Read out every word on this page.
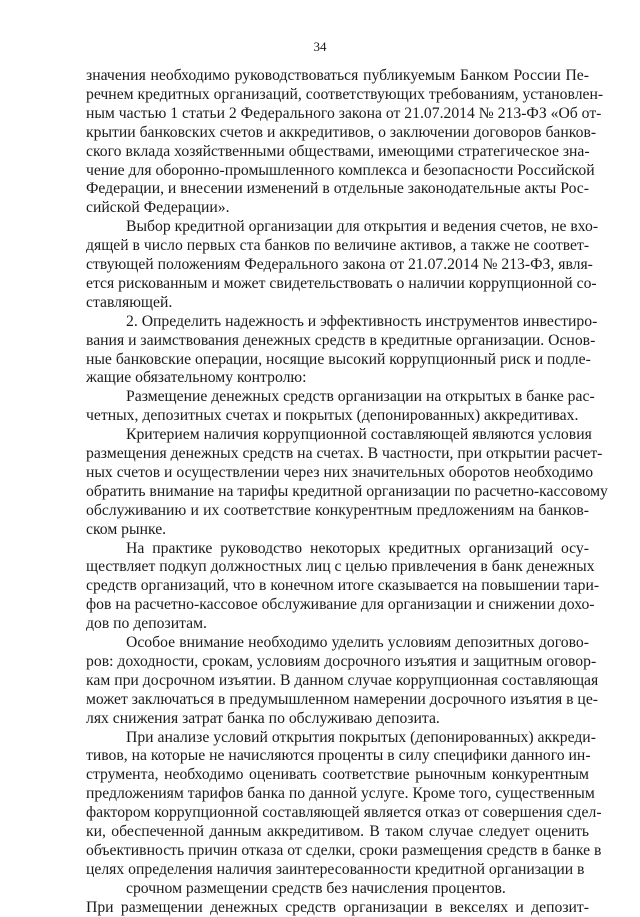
34
значения необходимо руководствоваться публикуемым Банком России Пе-
речнем кредитных организаций, соответствующих требованиям, установлен-
ным частью 1 статьи 2 Федерального закона от 21.07.2014 № 213-ФЗ «Об от-
крытии банковских счетов и аккредитивов, о заключении договоров банков-
ского вклада хозяйственными обществами, имеющими стратегическое зна-
чение для оборонно-промышленного комплекса и безопасности Российской
Федерации, и внесении изменений в отдельные законодательные акты Рос-
сийской Федерации».
Выбор кредитной организации для открытия и ведения счетов, не вхо-
дящей в число первых ста банков по величине активов, а также не соответ-
ствующей положениям Федерального закона от 21.07.2014 № 213-ФЗ, явля-
ется рискованным и может свидетельствовать о наличии коррупционной со-
ставляющей.
2. Определить надежность и эффективность инструментов инвестиро-
вания и заимствования денежных средств в кредитные организации. Основ-
ные банковские операции, носящие высокий коррупционный риск и подле-
жащие обязательному контролю:
Размещение денежных средств организации на открытых в банке рас-
четных, депозитных счетах и покрытых (депонированных) аккредитивах.
Критерием наличия коррупционной составляющей являются условия
размещения денежных средств на счетах. В частности, при открытии расчет-
ных счетов и осуществлении через них значительных оборотов необходимо
обратить внимание на тарифы кредитной организации по расчетно-кассовому
обслуживанию и их соответствие конкурентным предложениям на банков-
ском рынке.
На практике руководство некоторых кредитных организаций осу-
ществляет подкуп должностных лиц с целью привлечения в банк денежных
средств организаций, что в конечном итоге сказывается на повышении тари-
фов на расчетно-кассовое обслуживание для организации и снижении дохо-
дов по депозитам.
Особое внимание необходимо уделить условиям депозитных догово-
ров: доходности, срокам, условиям досрочного изъятия и защитным оговор-
кам при досрочном изъятии. В данном случае коррупционная составляющая
может заключаться в предумышленном намерении досрочного изъятия в це-
лях снижения затрат банка по обслуживаю депозита.
При анализе условий открытия покрытых (депонированных) аккреди-
тивов, на которые не начисляются проценты в силу специфики данного ин-
струмента, необходимо оценивать соответствие рыночным конкурентным
предложениям тарифов банка по данной услуге. Кроме того, существенным
фактором коррупционной составляющей является отказ от совершения сдел-
ки, обеспеченной данным аккредитивом. В таком случае следует оценить
объективность причин отказа от сделки, сроки размещения средств в банке в
целях определения наличия заинтересованности кредитной организации в
срочном размещении средств без начисления процентов.
При размещении денежных средств организации в векселях и депозит-
